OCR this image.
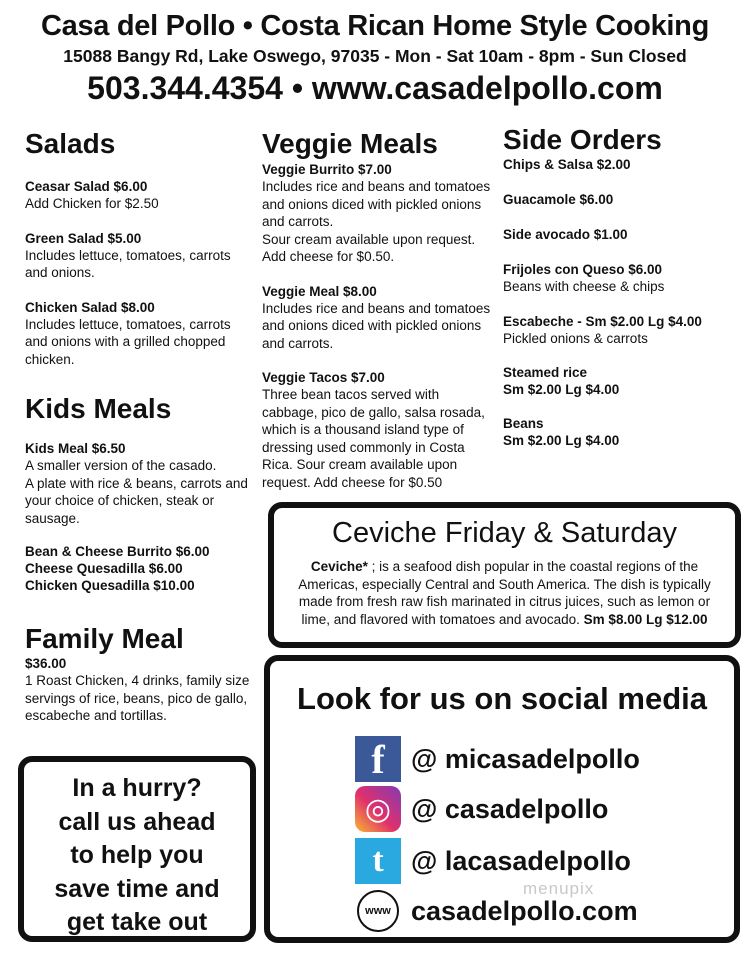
Casa del Pollo • Costa Rican Home Style Cooking
15088 Bangy Rd, Lake Oswego, 97035 - Mon - Sat 10am - 8pm - Sun Closed
503.344.4354 • www.casadelpollo.com
Salads
Ceasar Salad $6.00
Add Chicken for $2.50
Green Salad $5.00
Includes lettuce, tomatoes, carrots and onions.
Chicken Salad $8.00
Includes lettuce, tomatoes, carrots and onions with a grilled chopped chicken.
Kids Meals
Kids Meal $6.50
A smaller version of the casado.
A plate with rice & beans, carrots and your choice of chicken, steak or sausage.
Bean & Cheese Burrito $6.00
Cheese Quesadilla $6.00
Chicken Quesadilla $10.00
Family Meal
$36.00
1 Roast Chicken, 4 drinks, family size servings of rice, beans, pico de gallo, escabeche and tortillas.
Veggie Meals
Veggie Burrito $7.00
Includes rice and beans and tomatoes and onions diced with pickled onions and carrots.
Sour cream available upon request. Add cheese for $0.50.
Veggie Meal $8.00
Includes rice and beans and tomatoes and onions diced with pickled onions and carrots.
Veggie Tacos $7.00
Three bean tacos served with cabbage, pico de gallo, salsa rosada, which is a thousand island type of dressing used commonly in Costa Rica. Sour cream available upon request. Add cheese for $0.50
Side Orders
Chips & Salsa $2.00
Guacamole $6.00
Side avocado $1.00
Frijoles con Queso $6.00
Beans with cheese & chips
Escabeche - Sm $2.00 Lg $4.00
Pickled onions & carrots
Steamed rice
Sm $2.00 Lg $4.00
Beans
Sm $2.00 Lg $4.00
Ceviche Friday & Saturday
Ceviche* ; is a seafood dish popular in the coastal regions of the Americas, especially Central and South America. The dish is typically made from fresh raw fish marinated in citrus juices, such as lemon or lime, and flavored with tomatoes and avocado. Sm $8.00 Lg $12.00
Look for us on social media
f @ micasadelpollo
◎ @ casadelpollo
t @ lacasadelpollo
www casadelpollo.com
menupix
In a hurry?
call us ahead
to help you
save time and
get take out
